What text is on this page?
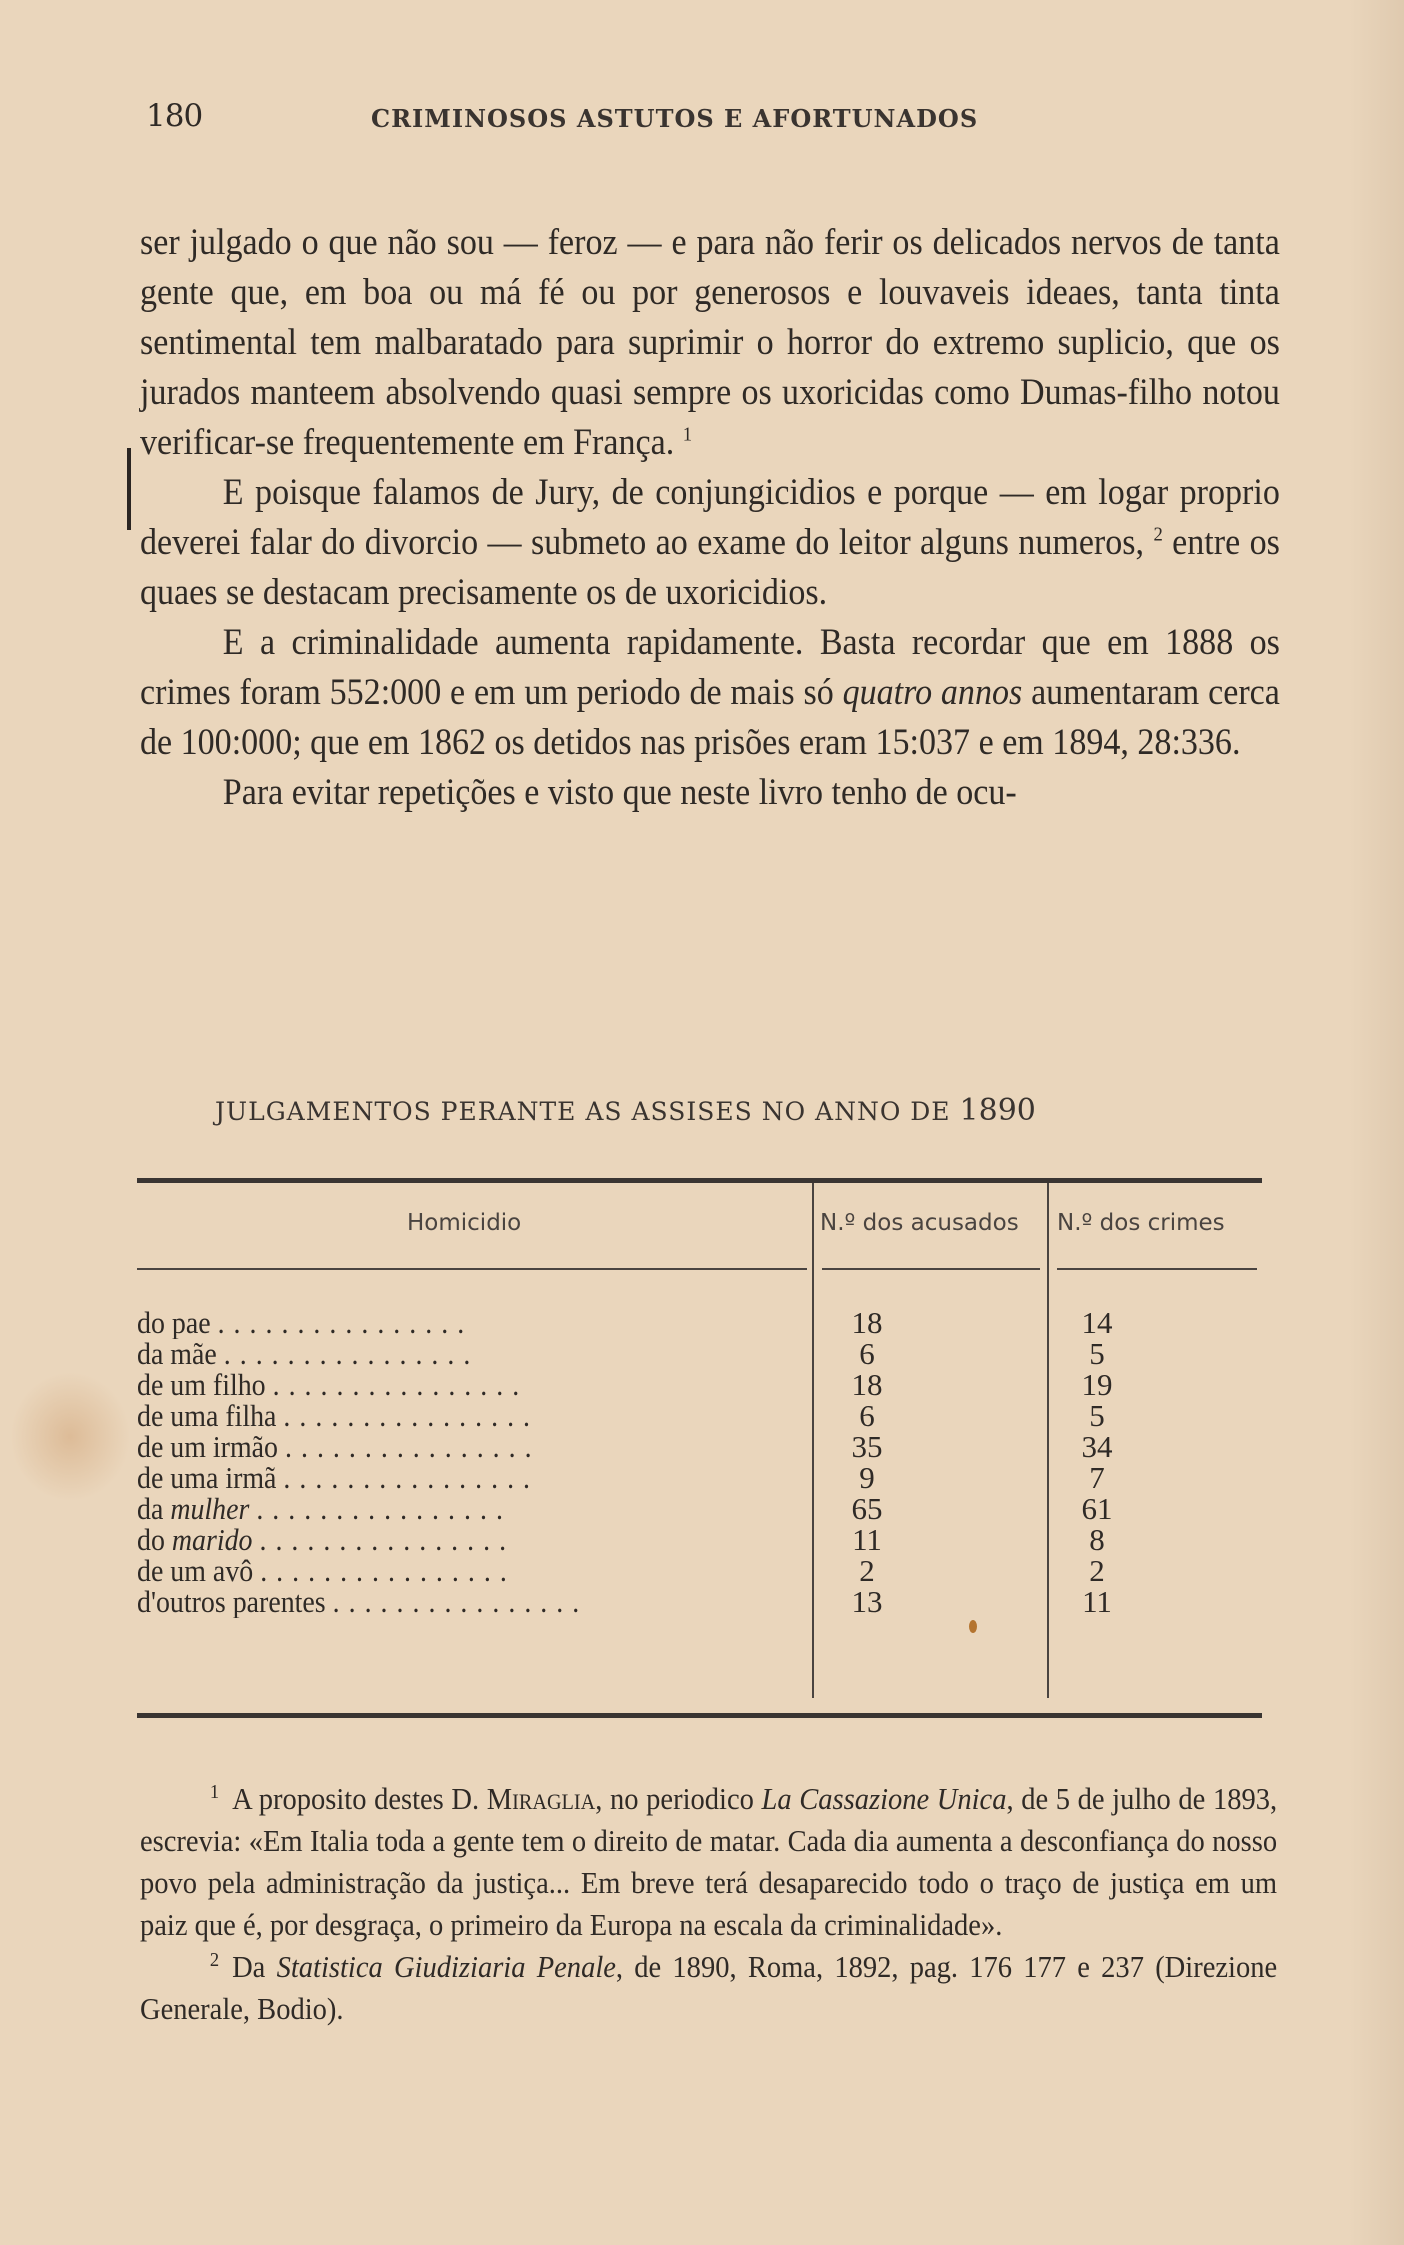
180	CRIMINOSOS ASTUTOS E AFORTUNADOS

ser julgado o que não sou — feroz — e para não ferir os delicados nervos de tanta gente que, em boa ou má fé ou por generosos e louvaveis ideaes, tanta tinta sentimental tem malbaratado para suprimir o horror do extremo suplicio, que os jurados manteem absolvendo quasi sempre os uxoricidas como Dumas-filho notou verificar-se frequentemente em França. $^1$

E poisque falamos de Jury, de conjungicidios e porque — em logar proprio deverei falar do divorcio — submeto ao exame do leitor alguns numeros, $^2$ entre os quaes se destacam precisamente os de uxoricidios.

E a criminalidade aumenta rapidamente. Basta recordar que em 1888 os crimes foram 552:000 e em um periodo de mais só quatro annos aumentaram cerca de 100:000; que em 1862 os detidos nas prisões eram 15:037 e em 1894, 28:336.

Para evitar repetições e visto que neste livro tenho de ocu-

JULGAMENTOS PERANTE AS ASSISES NO ANNO DE 1890
Homicidio	N.º dos acusados N.º dos crimes
do pae ................	18	14
da mãe ................	6	5
de um filho ................	18	19
de uma filha ................	6	5
de um irmão ................	35	34
de uma irmã ................	9	7
da mulher ................	65	61
do marido ................	11	8
de um avô ................	2	2
d'outros parentes ................	13	11

$^1$ A proposito destes D. Miraglia, no periodico La Cassazione Unica, de 5 de julho de 1893, escrevia: «Em Italia toda a gente tem o direito de matar. Cada dia aumenta a desconfiança do nosso povo pela administração da justiça... Em breve terá desaparecido todo o traço de justiça em um paiz que é, por desgraça, o primeiro da Europa na escala da criminalidade».

$^2$ Da Statistica Giudiziaria Penale, de 1890, Roma, 1892, pag. 176 177 e 237 (Direzione Generale, Bodio).
